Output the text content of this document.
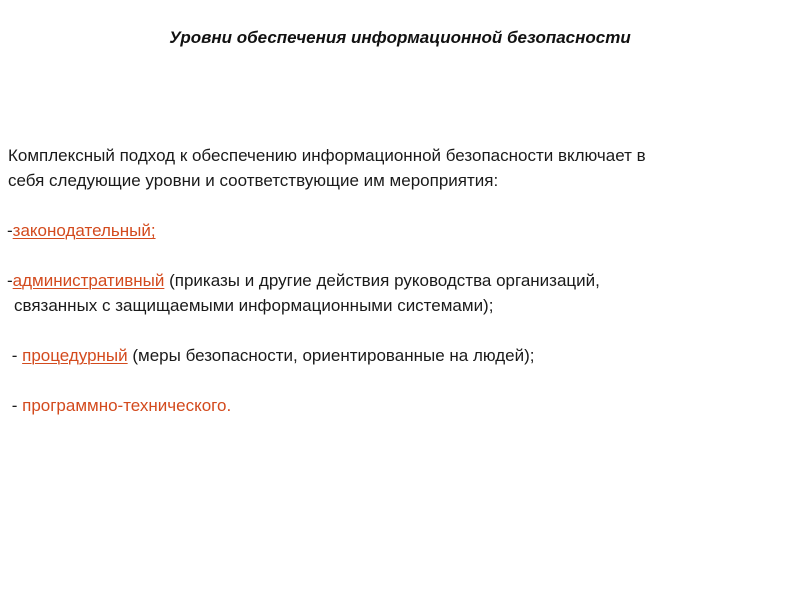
Уровни обеспечения информационной безопасности

Комплексный подход к обеспечению информационной безопасности включает в
себя следующие уровни и соответствующие им мероприятия:

-законодательный;

-административный (приказы и другие действия руководства организаций,
связанных с защищаемыми информационными системами);

- процедурный (меры безопасности, ориентированные на людей);

- программно-технического.
